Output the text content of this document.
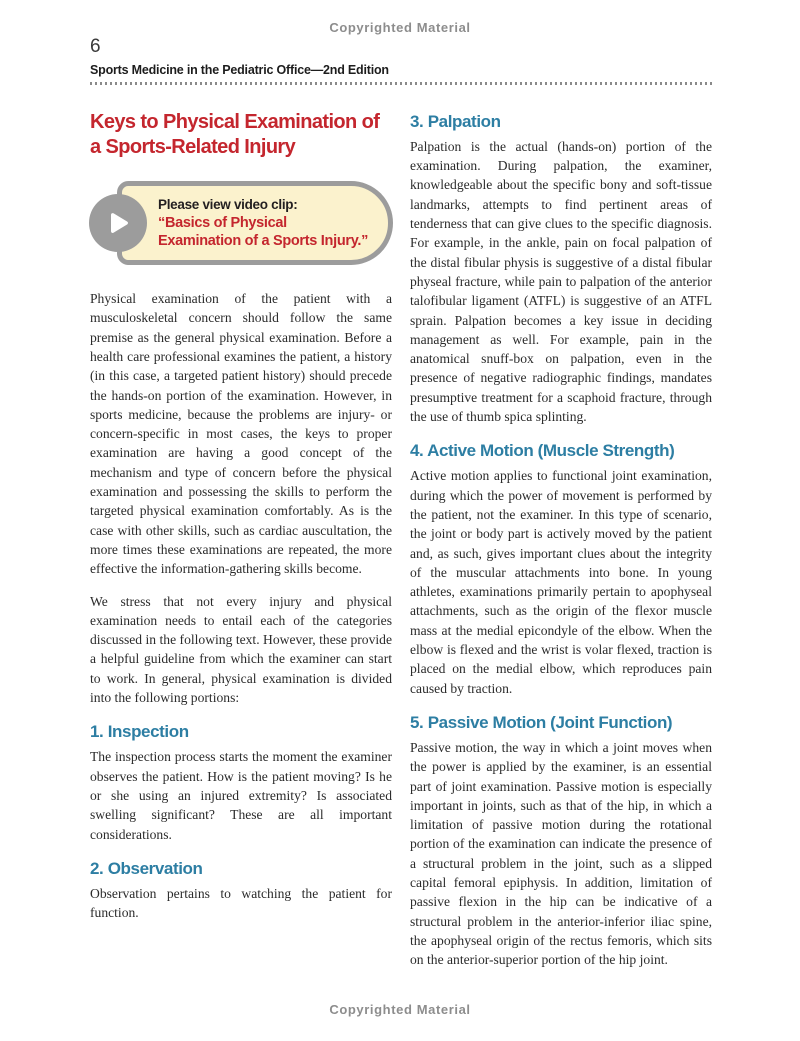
Copyrighted Material
6
Sports Medicine in the Pediatric Office—2nd Edition
Keys to Physical Examination of a Sports-Related Injury
Please view video clip:
“Basics of Physical Examination of a Sports Injury.”

Physical examination of the patient with a musculoskeletal concern should follow the same premise as the general physical examination. Before a health care professional examines the patient, a history (in this case, a targeted patient history) should precede the hands-on portion of the examination. However, in sports medicine, because the problems are injury- or concern-specific in most cases, the keys to proper examination are having a good concept of the mechanism and type of concern before the physical examination and possessing the skills to perform the targeted physical examination comfortably. As is the case with other skills, such as cardiac auscultation, the more times these examinations are repeated, the more effective the information-gathering skills become.

We stress that not every injury and physical examination needs to entail each of the categories discussed in the following text. However, these provide a helpful guideline from which the examiner can start to work. In general, physical examination is divided into the following portions:

1. Inspection

The inspection process starts the moment the examiner observes the patient. How is the patient moving? Is he or she using an injured extremity? Is associated swelling significant? These are all important considerations.

2. Observation

Observation pertains to watching the patient for function.

3. Palpation

Palpation is the actual (hands-on) portion of the examination. During palpation, the examiner, knowledgeable about the specific bony and soft-tissue landmarks, attempts to find pertinent areas of tenderness that can give clues to the specific diagnosis. For example, in the ankle, pain on focal palpation of the distal fibular physis is suggestive of a distal fibular physeal fracture, while pain to palpation of the anterior talofibular ligament (ATFL) is suggestive of an ATFL sprain. Palpation becomes a key issue in deciding management as well. For example, pain in the anatomical snuff-box on palpation, even in the presence of negative radiographic findings, mandates presumptive treatment for a scaphoid fracture, through the use of thumb spica splinting.

4. Active Motion (Muscle Strength)

Active motion applies to functional joint examination, during which the power of movement is performed by the patient, not the examiner. In this type of scenario, the joint or body part is actively moved by the patient and, as such, gives important clues about the integrity of the muscular attachments into bone. In young athletes, examinations primarily pertain to apophyseal attachments, such as the origin of the flexor muscle mass at the medial epicondyle of the elbow. When the elbow is flexed and the wrist is volar flexed, traction is placed on the medial elbow, which reproduces pain caused by traction.

5. Passive Motion (Joint Function)

Passive motion, the way in which a joint moves when the power is applied by the examiner, is an essential part of joint examination. Passive motion is especially important in joints, such as that of the hip, in which a limitation of passive motion during the rotational portion of the examination can indicate the presence of a structural problem in the joint, such as a slipped capital femoral epiphysis. In addition, limitation of passive flexion in the hip can be indicative of a structural problem in the anterior-inferior iliac spine, the apophyseal origin of the rectus femoris, which sits on the anterior-superior portion of the hip joint.

Copyrighted Material
